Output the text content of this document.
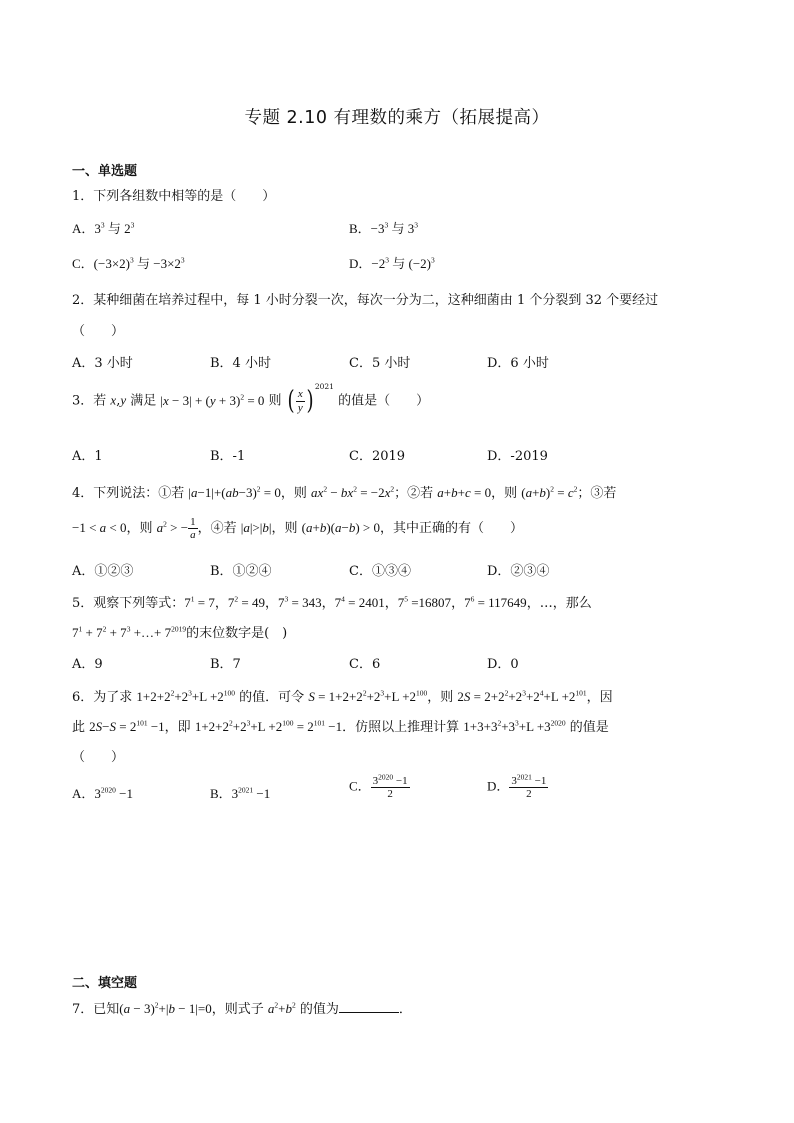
专题 2.10 有理数的乘方（拓展提高）
一、单选题
1．下列各组数中相等的是（　　）
A．$3^3$ 与 $2^3$	B．$-3^3$ 与 $3^3$
C．$(-3\times 2)^3$ 与 $-3\times 2^3$	D．$-2^3$ 与 $(-2)^3$
2．某种细菌在培养过程中，每 1 小时分裂一次，每次一分为二，这种细菌由 1 个分裂到 32 个要经过
（　　）
A．3 小时	B．4 小时	C．5 小时	D．6 小时
3．若 x,y 满足 $|x - 3| + (y + 3)^2 = 0$ 则 ( $\frac{x}{y}$ ) $^{2021}$ 的值是（　　）
A．1	B．-1	C．2019	D．-2019
4．下列说法：①若 $|a-1|+(ab-3)^2 = 0$，则 $ax^2 - bx^2 = -2x^2$；②若 a+b+c = 0，则 $(a+b)^2 = c^2$；③若
−1 < a < 0，则 $a^2$ > − $\frac{1}{a}$ ，④若 |a|>|b|，则 (a+b)(a−b) > 0，其中正确的有（　　）
A．①②③	B．①②④	C．①③④	D．②③④
5．观察下列等式：$7^1 = 7$，$7^2 = 49$，$7^3 = 343$，$7^4 = 2401$，$7^5 =16807$，$7^6 = 117649$，…，那么
$7^1 + 7^2 + 7^3$ +…+ $7^{2019}$的末位数字是(　)
A．9	B．7	C．6	D．0
6．为了求 $1+2+2^2+2^3+L +2^{100}$ 的值．可令 $S = 1+2+2^2+2^3+L +2^{100}$，则 $2S = 2+2^2+2^3+2^4+L +2^{101}$，因
此 $2S-S = 2^{101} -1$，即 $1+2+2^2+2^3+L +2^{100} = 2^{101} -1$．仿照以上推理计算 $1+3+3^2+3^3+L +3^{2020}$ 的值是
（　　）
A．$3^{2020} -1$	B．$3^{2021} -1$	C． $\frac{3^{2020} -1}{2}$	D． $\frac{3^{2021} -1}{2}$
二、填空题
7．已知$(a - 3)^2+|b - 1|=0$，则式子 $a^2+b^2$ 的值为	．
